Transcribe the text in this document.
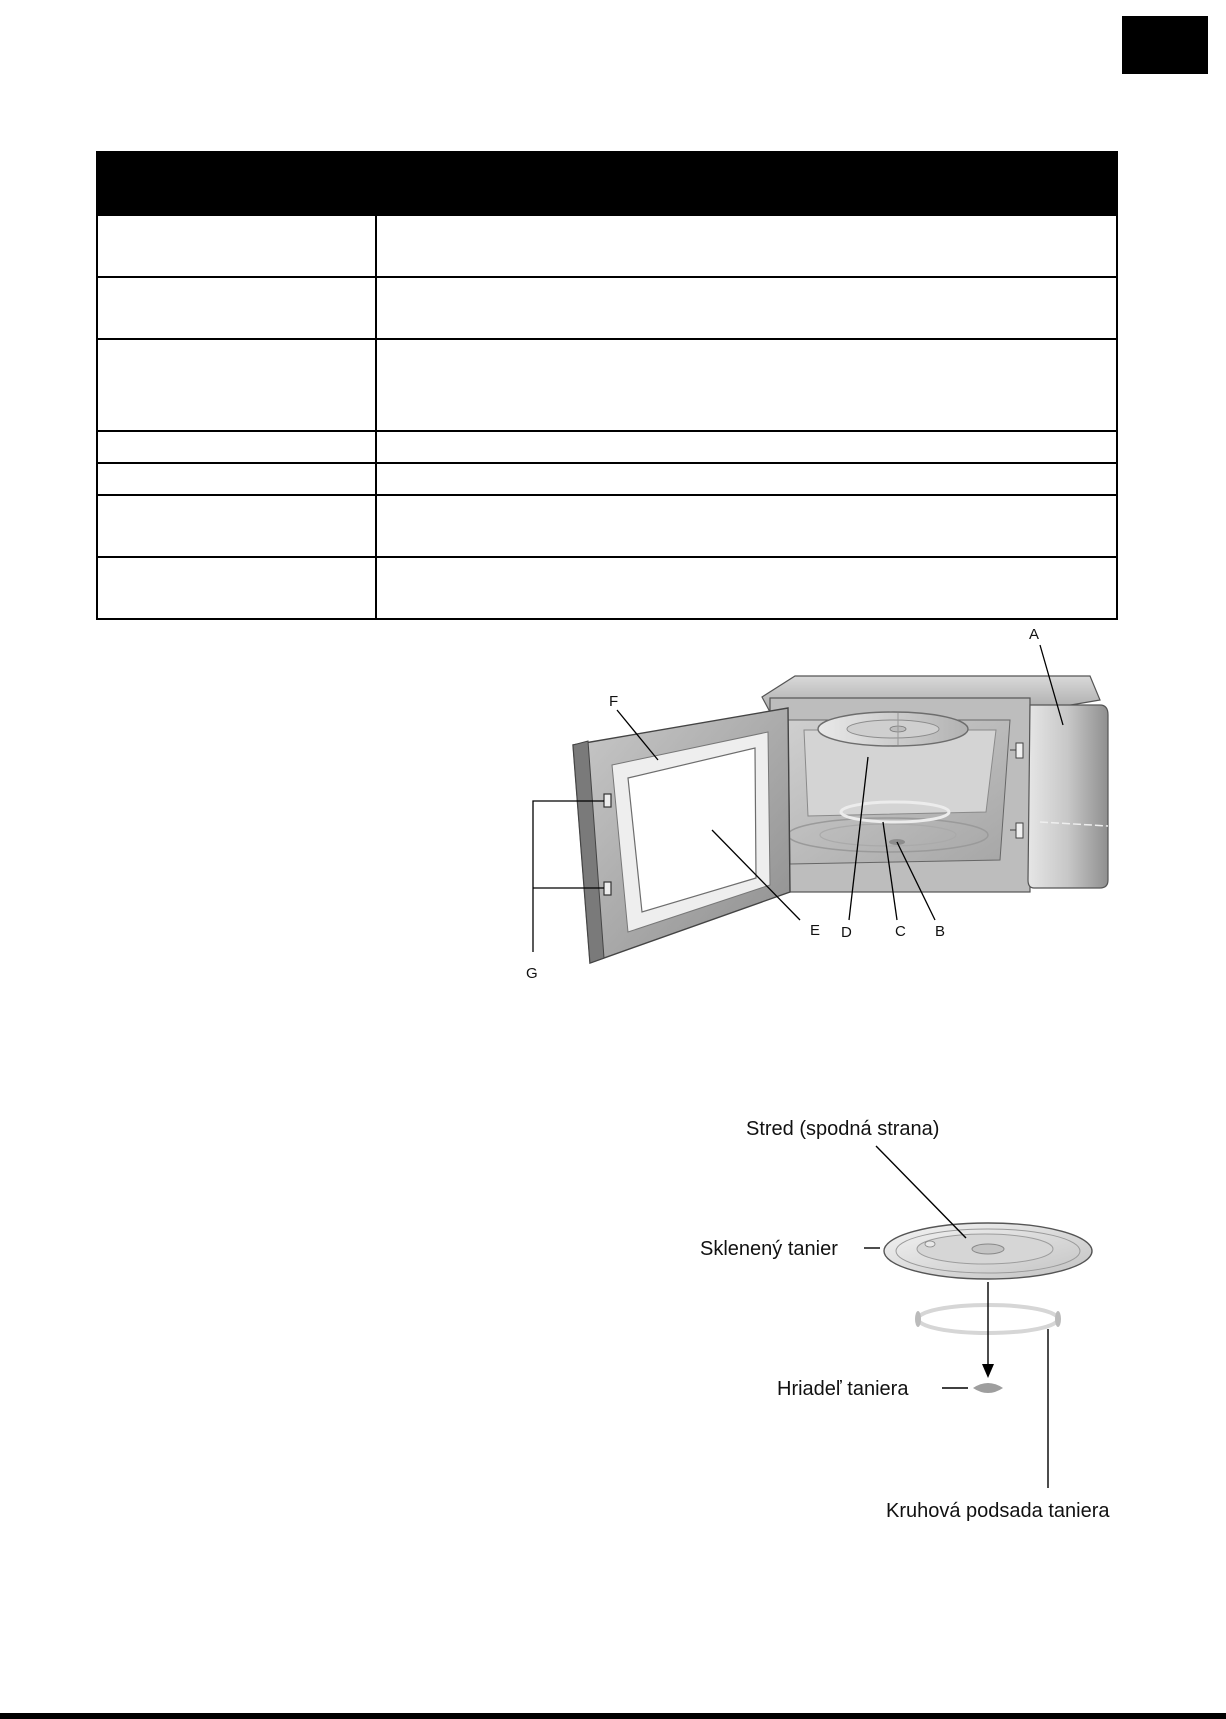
A
B
C
D
E
F
G
Stred (spodná strana)
Sklenený tanier
Hriadeľ taniera
Kruhová podsada taniera
